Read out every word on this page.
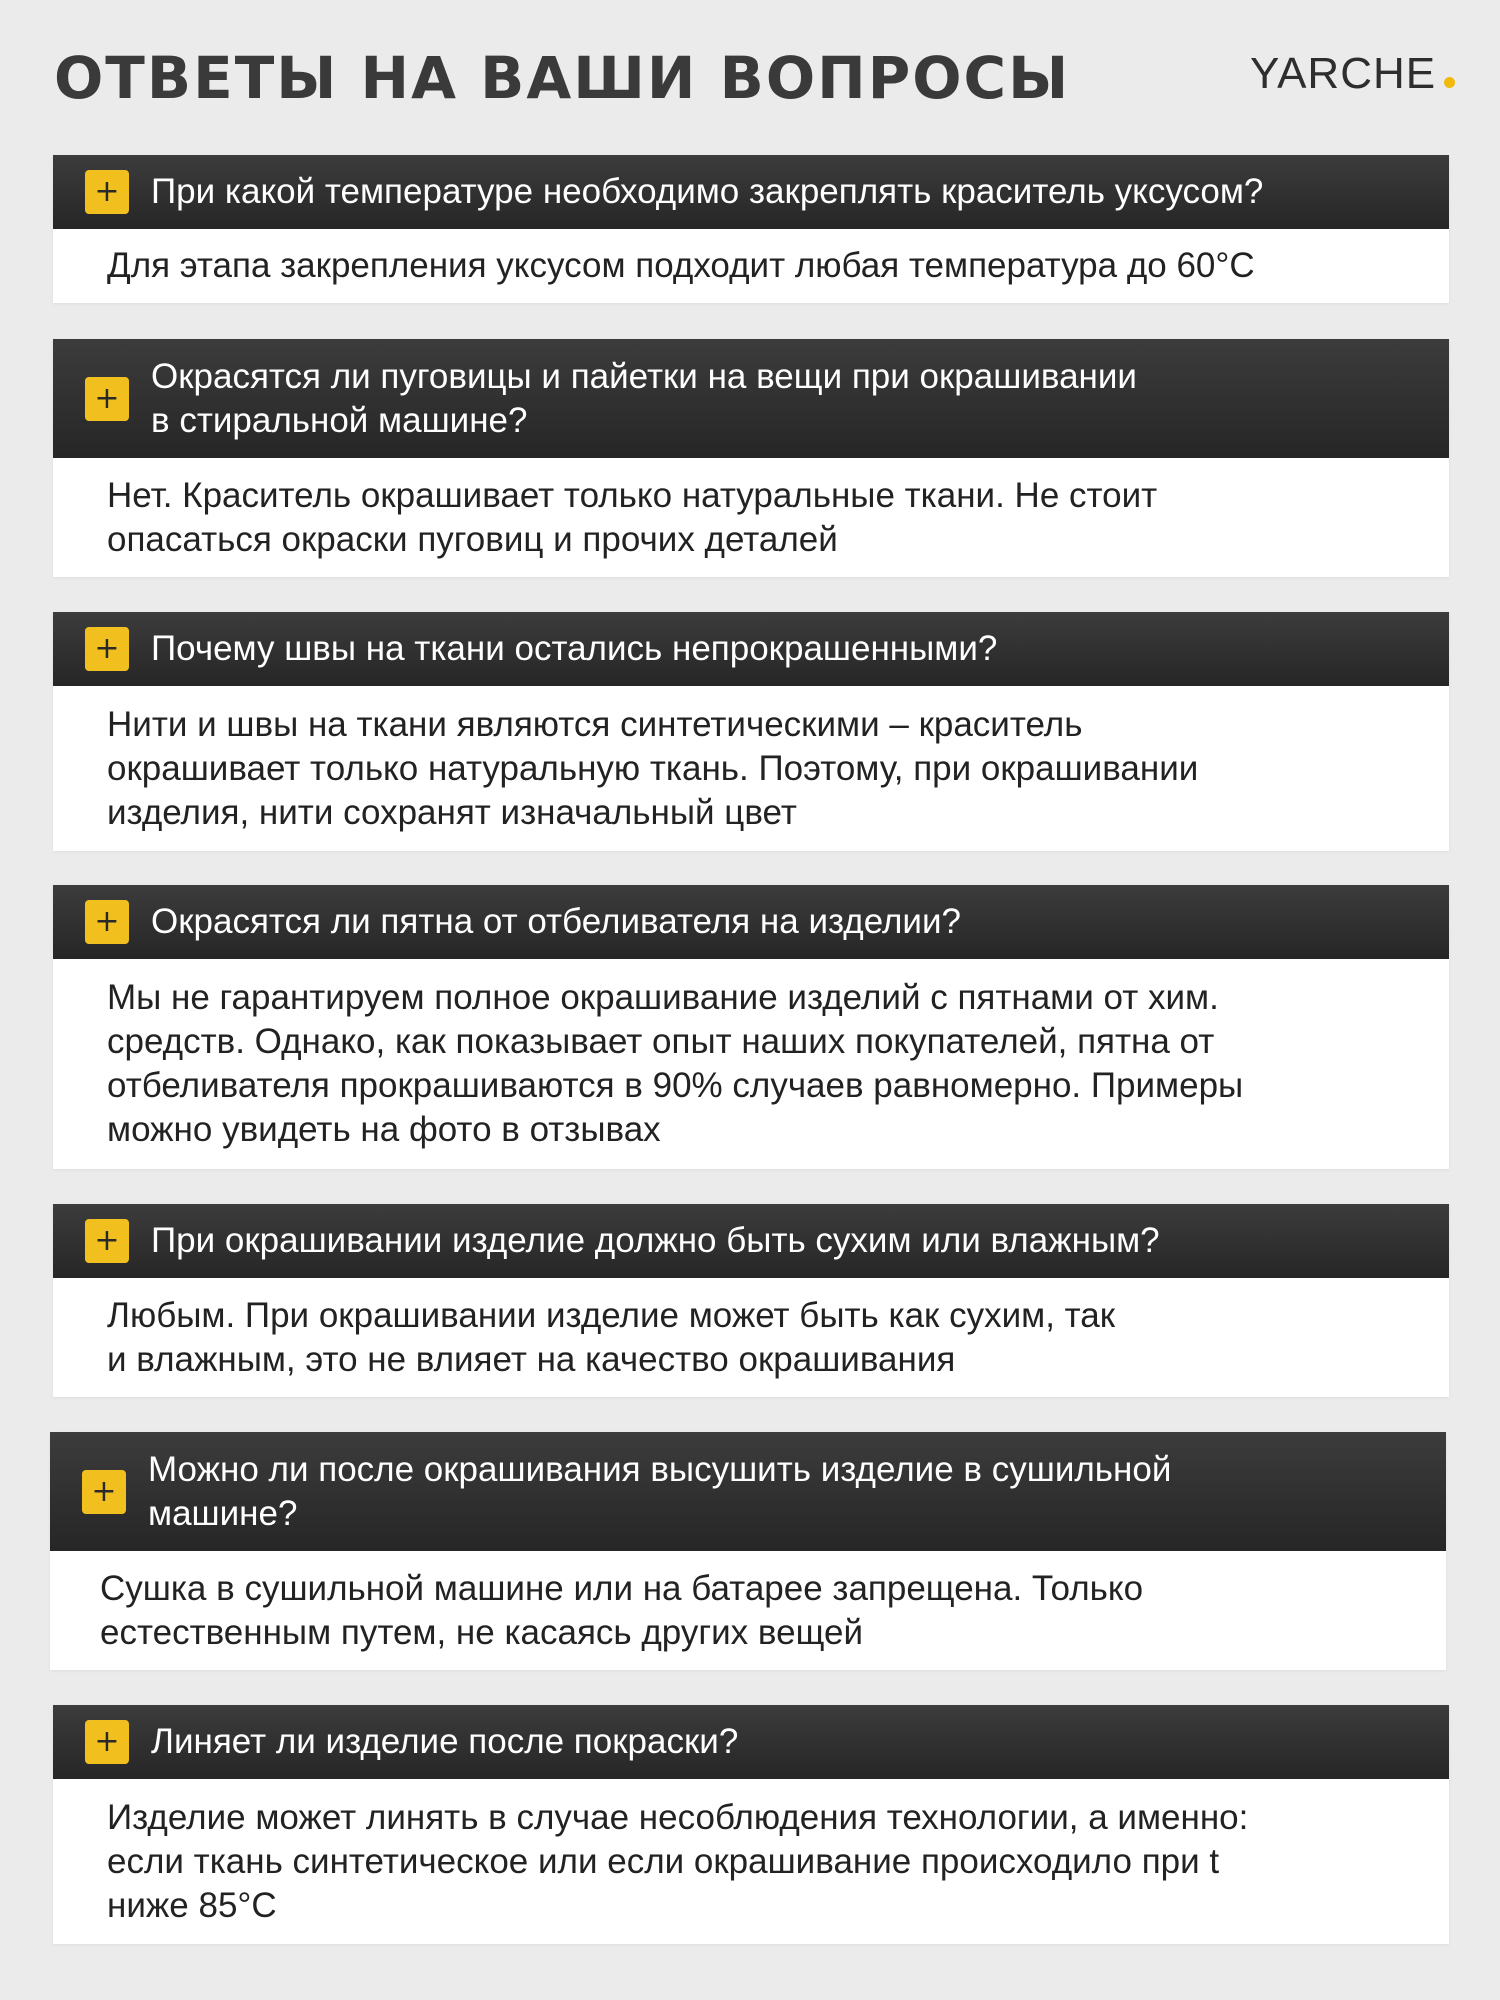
ОТВЕТЫ НА ВАШИ ВОПРОСЫ	YARCHE
+ При какой температуре необходимо закреплять краситель уксусом?
Для этапа закрепления уксусом подходит любая температура до 60°С
+
Окрасятся ли пуговицы и пайетки на вещи при окрашивании
в стиральной машине?
Нет. Краситель окрашивает только натуральные ткани. Не стоит
опасаться окраски пуговиц и прочих деталей
+ Почему швы на ткани остались непрокрашенными?
Нити и швы на ткани являются синтетическими – краситель
окрашивает только натуральную ткань. Поэтому, при окрашивании
изделия, нити сохранят изначальный цвет
+ Окрасятся ли пятна от отбеливателя на изделии?
Мы не гарантируем полное окрашивание изделий с пятнами от хим.
средств. Однако, как показывает опыт наших покупателей, пятна от
отбеливателя прокрашиваются в 90% случаев равномерно. Примеры
можно увидеть на фото в отзывах
+ При окрашивании изделие должно быть сухим или влажным?
Любым. При окрашивании изделие может быть как сухим, так
и влажным, это не влияет на качество окрашивания
+
Можно ли после окрашивания высушить изделие в сушильной
машине?
Сушка в сушильной машине или на батарее запрещена. Только
естественным путем, не касаясь других вещей
+ Линяет ли изделие после покраски?
Изделие может линять в случае несоблюдения технологии, а именно:
если ткань синтетическое или если окрашивание происходило при t
ниже 85°С
